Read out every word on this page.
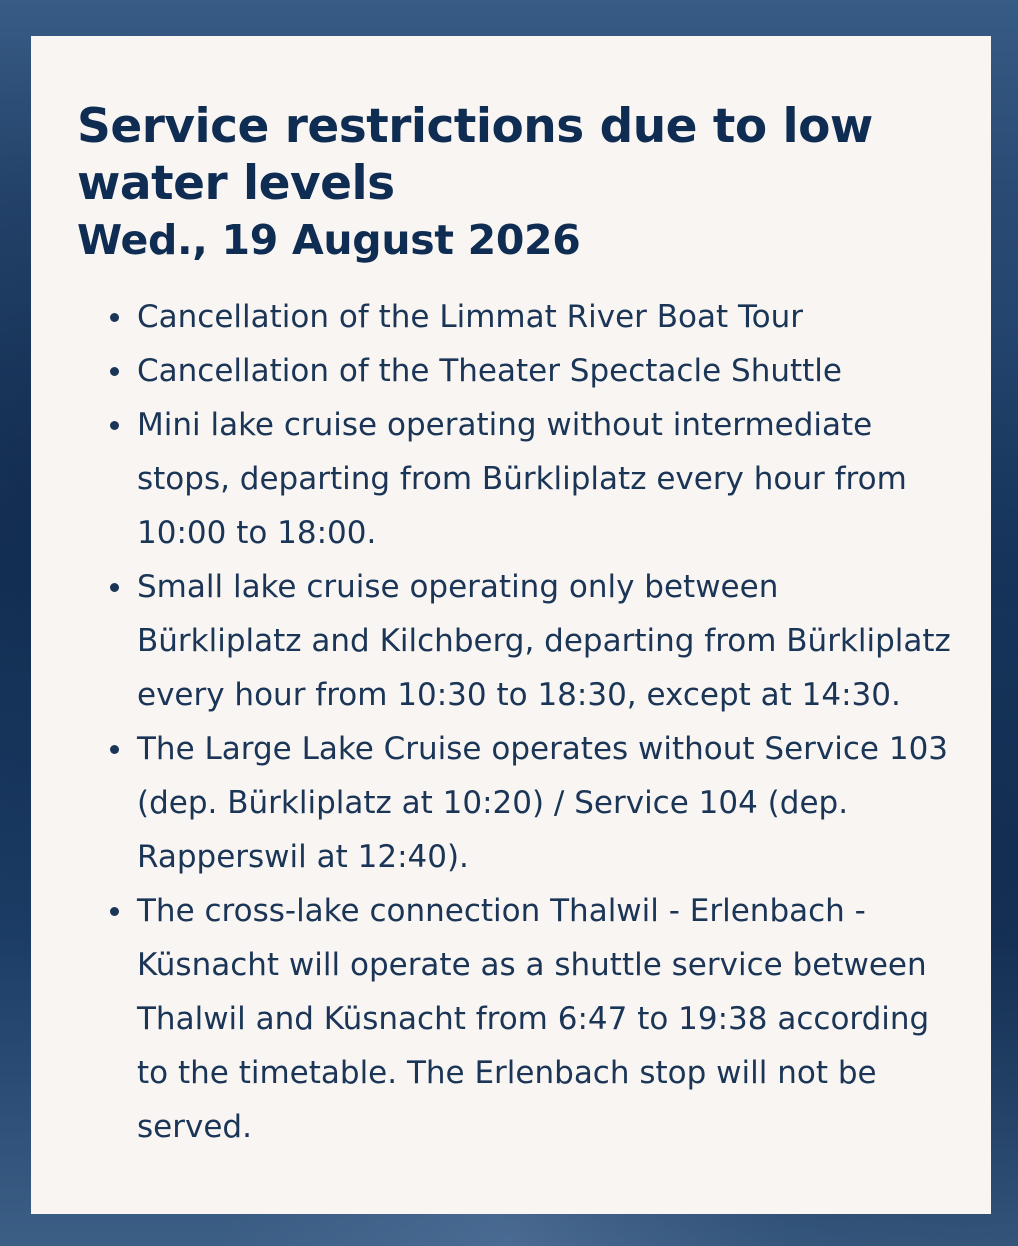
Service restrictions due to low water levels
Wed., 19 August 2026
Cancellation of the Limmat River Boat Tour
Cancellation of the Theater Spectacle Shuttle
Mini lake cruise operating without intermediate stops, departing from Bürkliplatz every hour from 10:00 to 18:00.
Small lake cruise operating only between Bürkliplatz and Kilchberg, departing from Bürkliplatz every hour from 10:30 to 18:30, except at 14:30.
The Large Lake Cruise operates without Service 103 (dep. Bürkliplatz at 10:20) / Service 104 (dep. Rapperswil at 12:40).
The cross-lake connection Thalwil - Erlenbach - Küsnacht will operate as a shuttle service between Thalwil and Küsnacht from 6:47 to 19:38 according to the timetable. The Erlenbach stop will not be served.
